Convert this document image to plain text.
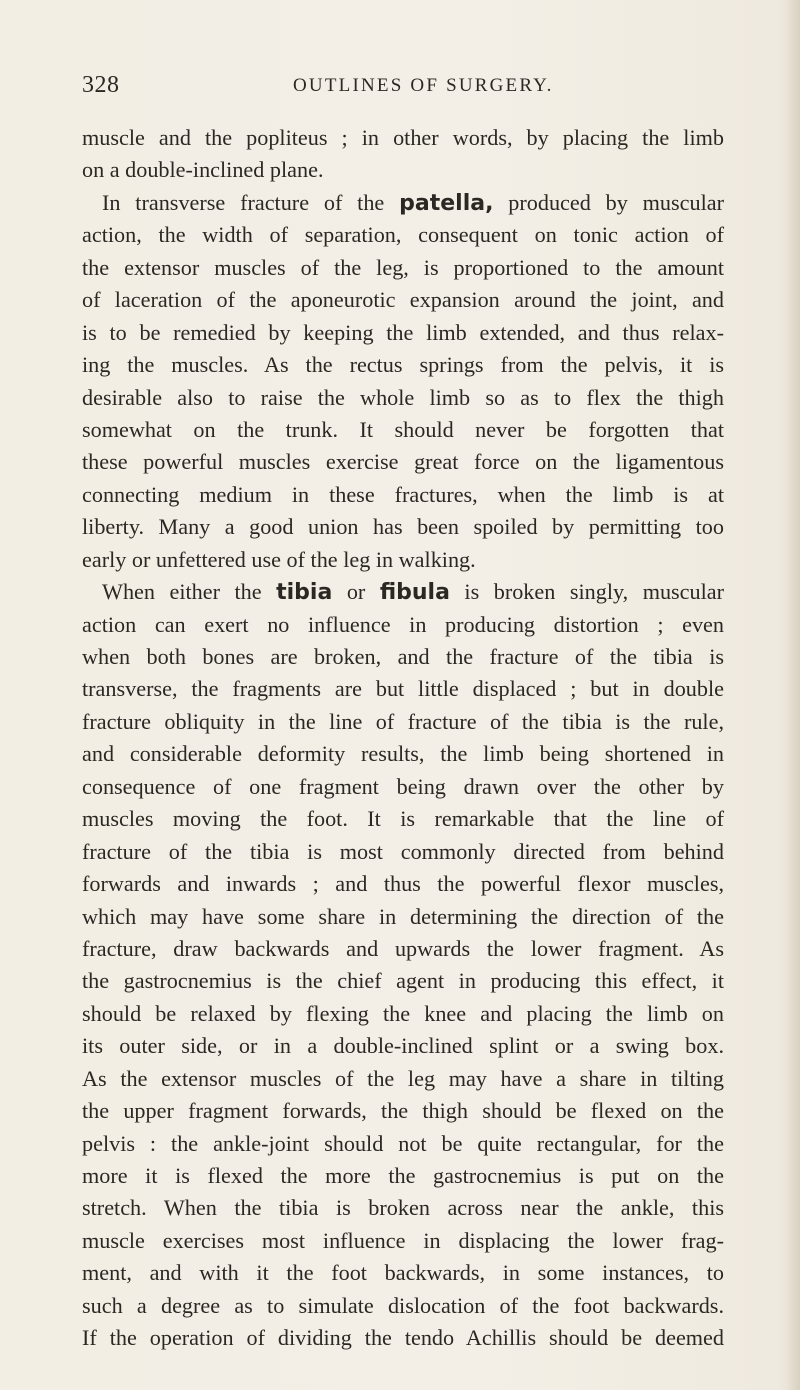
328	OUTLINES OF SURGERY.
muscle and the popliteus ; in other words, by placing the limb
on a double-inclined plane.
In transverse fracture of the patella, produced by muscular
action, the width of separation, consequent on tonic action of
the extensor muscles of the leg, is proportioned to the amount
of laceration of the aponeurotic expansion around the joint, and
is to be remedied by keeping the limb extended, and thus relax-
ing the muscles. As the rectus springs from the pelvis, it is
desirable also to raise the whole limb so as to flex the thigh
somewhat on the trunk. It should never be forgotten that
these powerful muscles exercise great force on the ligamentous
connecting medium in these fractures, when the limb is at
liberty. Many a good union has been spoiled by permitting too
early or unfettered use of the leg in walking.
When either the tibia or fibula is broken singly, muscular
action can exert no influence in producing distortion ; even
when both bones are broken, and the fracture of the tibia is
transverse, the fragments are but little displaced ; but in double
fracture obliquity in the line of fracture of the tibia is the rule,
and considerable deformity results, the limb being shortened in
consequence of one fragment being drawn over the other by
muscles moving the foot. It is remarkable that the line of
fracture of the tibia is most commonly directed from behind
forwards and inwards ; and thus the powerful flexor muscles,
which may have some share in determining the direction of the
fracture, draw backwards and upwards the lower fragment. As
the gastrocnemius is the chief agent in producing this effect, it
should be relaxed by flexing the knee and placing the limb on
its outer side, or in a double-inclined splint or a swing box.
As the extensor muscles of the leg may have a share in tilting
the upper fragment forwards, the thigh should be flexed on the
pelvis : the ankle-joint should not be quite rectangular, for the
more it is flexed the more the gastrocnemius is put on the
stretch. When the tibia is broken across near the ankle, this
muscle exercises most influence in displacing the lower frag-
ment, and with it the foot backwards, in some instances, to
such a degree as to simulate dislocation of the foot backwards.
If the operation of dividing the tendo Achillis should be deemed
